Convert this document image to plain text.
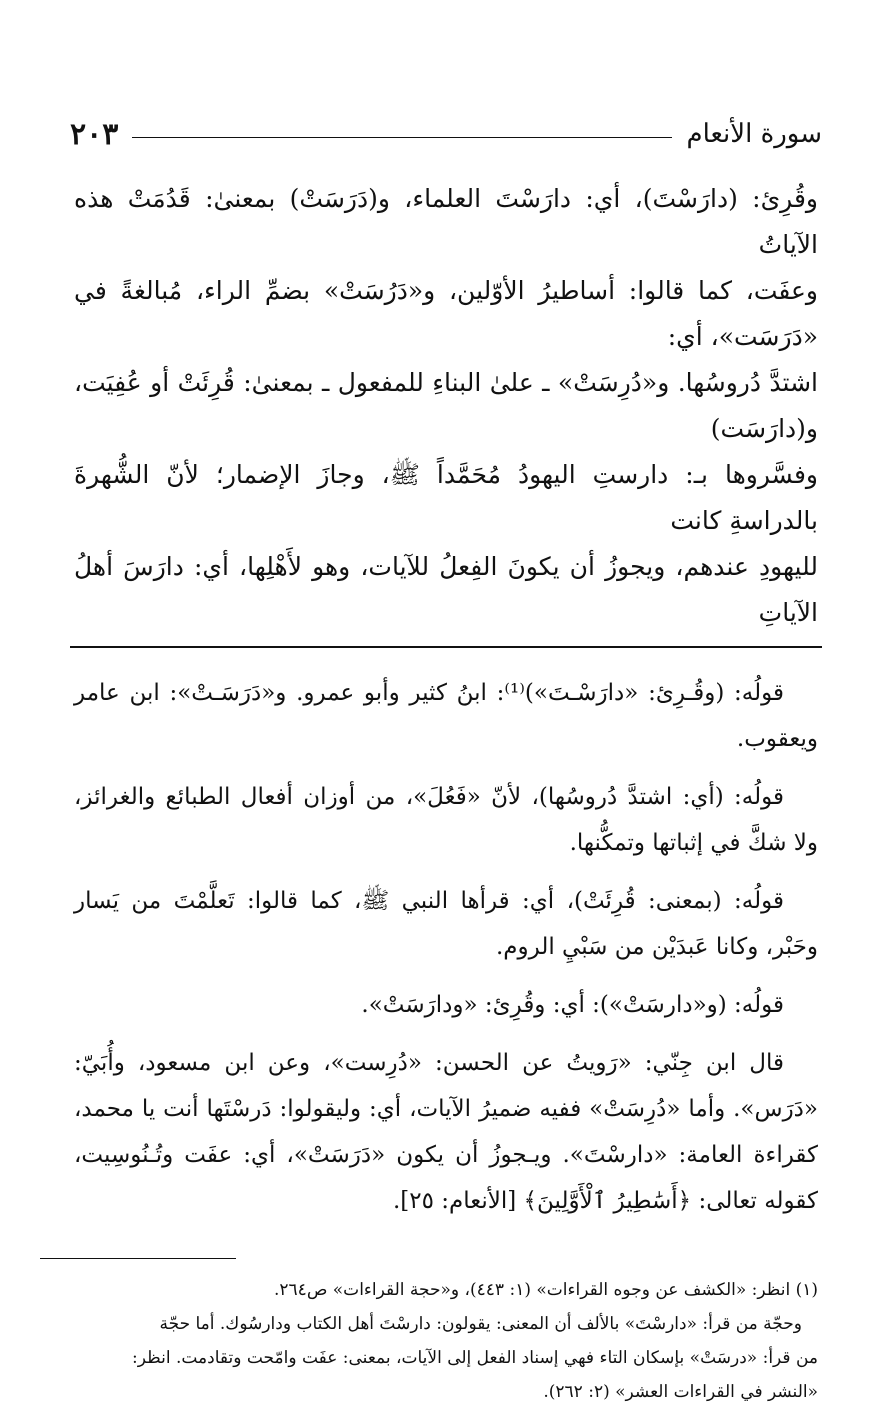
سورة الأنعام
٢٠٣
وقُرِئ: (دارَسْتَ)، أي: دارَسْتَ العلماء، و(دَرَسَتْ) بمعنىٰ: قَدُمَتْ هذه الآياتُ
وعفَت، كما قالوا: أساطيرُ الأوّلين، و«دَرُسَتْ» بضمِّ الراء، مُبالغةً في «دَرَسَت»، أي:
اشتدَّ دُروسُها. و«دُرِسَتْ» ـ علىٰ البناءِ للمفعول ـ بمعنىٰ: قُرِئَتْ أو عُفِيَت، و(دارَسَت)
وفسَّروها بـ: دارستِ اليهودُ مُحَمَّداً ﷺ، وجازَ الإضمار؛ لأنّ الشُّهرةَ بالدراسةِ كانت
لليهودِ عندهم، ويجوزُ أن يكونَ الفِعلُ للآيات، وهو لأَهْلِها، أي: دارَسَ أهلُ الآياتِ

قولُه: (وقُـرِئ: «دارَسْـتَ»)⁽¹⁾: ابنُ كثير وأبو عمرو. و«دَرَسَـتْ»: ابن عامر ويعقوب.

قولُه: (أي: اشتدَّ دُروسُها)، لأنّ «فَعُلَ»، من أوزان أفعال الطبائع والغرائز، ولا شكَّ في إثباتها وتمكُّنها.

قولُه: (بمعنى: قُرِئَتْ)، أي: قرأها النبي ﷺ، كما قالوا: تَعلَّمْتَ من يَسار وحَبْر، وكانا عَبدَيْن من سَبْيِ الروم.

قولُه: (و«دارسَتْ»): أي: وقُرِئ: «ودارَسَتْ».

قال ابن جِنّي: «رَويتُ عن الحسن: «دُرِست»، وعن ابن مسعود، وأُبَيّ: «دَرَس». وأما «دُرِسَتْ» ففيه ضميرُ الآيات، أي: وليقولوا: دَرسْتَها أنت يا محمد، كقراءة العامة: «دارسْتَ». ويـجوزُ أن يكون «دَرَسَتْ»، أي: عفَت وتُـنُوسِيت، كقوله تعالى: ﴿أَسَٰطِيرُ ٱلْأَوَّلِينَ﴾ [الأنعام: ٢٥].

(١) انظر: «الكشف عن وجوه القراءات» (١: ٤٤٣)، و«حجة القراءات» ص٢٦٤.

وحجّة من قرأ: «دارسْتَ» بالألف أن المعنى: يقولون: دارسْتَ أهل الكتاب ودارسُوك. أما حجّة

من قرأ: «درسَتْ» بإسكان التاء فهي إسناد الفعل إلى الآيات، بمعنى: عفَت وامّحت وتقادمت. انظر:

«النشر في القراءات العشر» (٢: ٢٦٢).
